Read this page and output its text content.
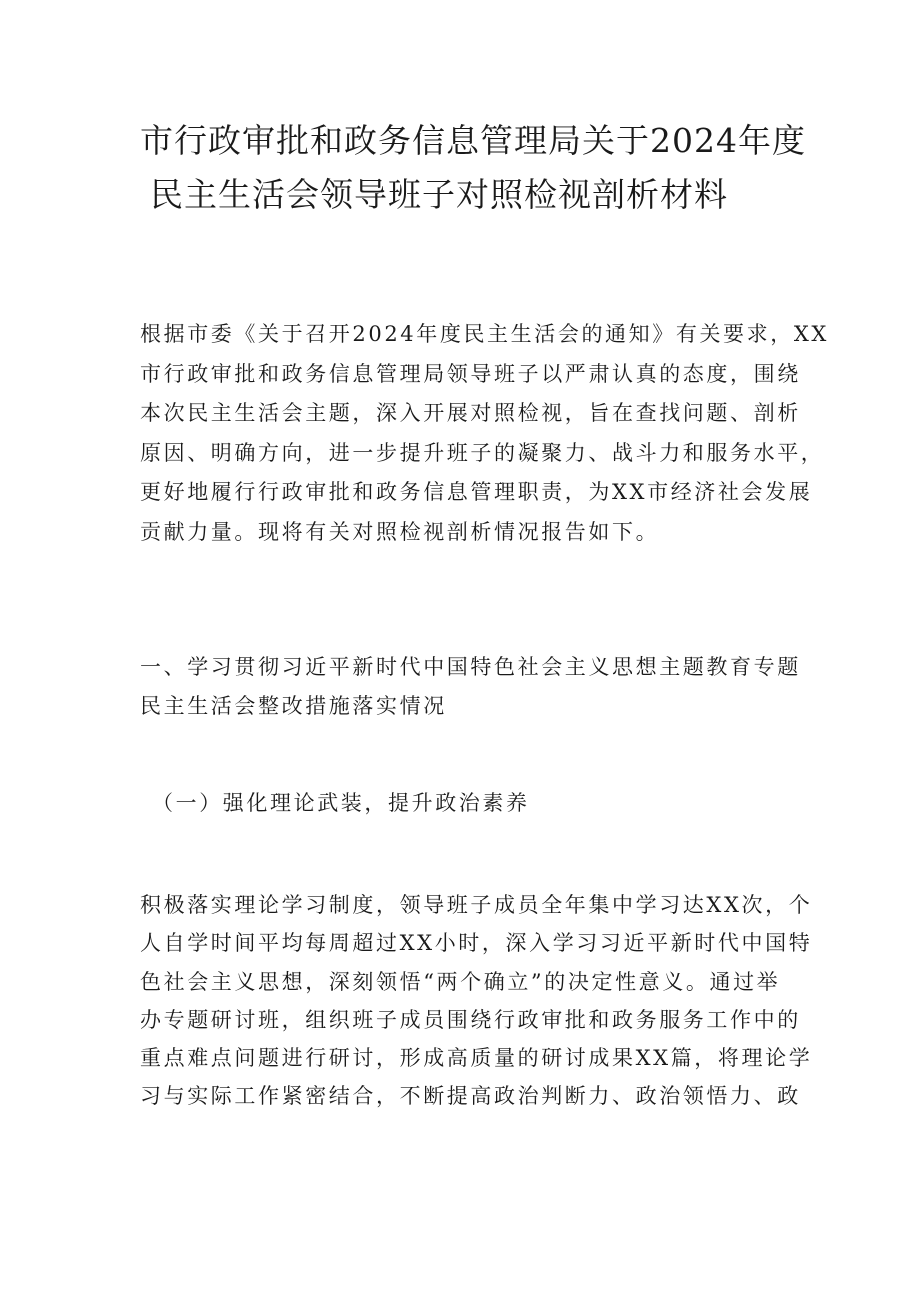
市行政审批和政务信息管理局关于2024年度
民主生活会领导班子对照检视剖析材料

根据市委《关于召开2024年度民主生活会的通知》有关要求，XX
市行政审批和政务信息管理局领导班子以严肃认真的态度，围绕
本次民主生活会主题，深入开展对照检视，旨在查找问题、剖析
原因、明确方向，进一步提升班子的凝聚力、战斗力和服务水平，
更好地履行行政审批和政务信息管理职责，为XX市经济社会发展
贡献力量。现将有关对照检视剖析情况报告如下。

一、学习贯彻习近平新时代中国特色社会主义思想主题教育专题
民主生活会整改措施落实情况

（一）强化理论武装，提升政治素养

积极落实理论学习制度，领导班子成员全年集中学习达XX次，个
人自学时间平均每周超过XX小时，深入学习习近平新时代中国特
色社会主义思想，深刻领悟“两个确立”的决定性意义。通过举
办专题研讨班，组织班子成员围绕行政审批和政务服务工作中的
重点难点问题进行研讨，形成高质量的研讨成果XX篇，将理论学
习与实际工作紧密结合，不断提高政治判断力、政治领悟力、政
